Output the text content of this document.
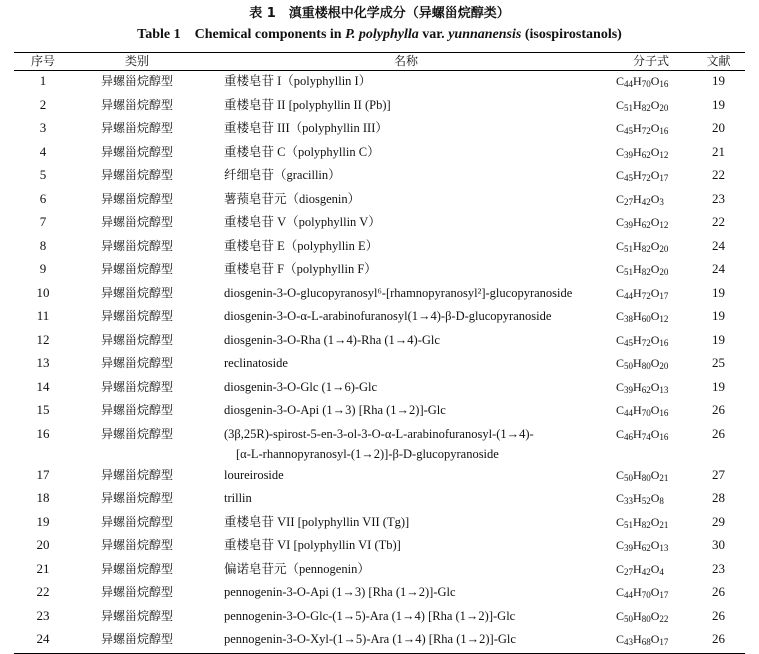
表 1　滇重楼根中化学成分（异螺甾烷醇类）
Table 1　Chemical components in P. polyphylla var. yunnanensis (isospirostanols)
序号	类别	名称	分子式	文献
1	异螺甾烷醇型	重楼皂苷 I（polyphyllin I）	$C_{44}H_{70}O_{16}$	19
2	异螺甾烷醇型	重楼皂苷 II [polyphyllin II (Pb)]	$C_{51}H_{82}O_{20}$	19
3	异螺甾烷醇型	重楼皂苷 III（polyphyllin III）	$C_{45}H_{72}O_{16}$	20
4	异螺甾烷醇型	重楼皂苷 C（polyphyllin C）	$C_{39}H_{62}O_{12}$	21
5	异螺甾烷醇型	纤细皂苷（gracillin）	$C_{45}H_{72}O_{17}$	22
6	异螺甾烷醇型	薯蓣皂苷元（diosgenin）	$C_{27}H_{42}O_3$	23
7	异螺甾烷醇型	重楼皂苷 V（polyphyllin V）	$C_{39}H_{62}O_{12}$	22
8	异螺甾烷醇型	重楼皂苷 E（polyphyllin E）	$C_{51}H_{82}O_{20}$	24
9	异螺甾烷醇型	重楼皂苷 F（polyphyllin F）	$C_{51}H_{82}O_{20}$	24
10	异螺甾烷醇型	diosgenin-3-O-glucopyranosyl⁶-[rhamnopyranosyl²]-glucopyranoside	$C_{44}H_{72}O_{17}$	19
11	异螺甾烷醇型	diosgenin-3-O-α-L-arabinofuranosyl(1→4)-β-D-glucopyranoside	$C_{38}H_{60}O_{12}$	19
12	异螺甾烷醇型	diosgenin-3-O-Rha (1→4)-Rha (1→4)-Glc	$C_{45}H_{72}O_{16}$	19
13	异螺甾烷醇型	reclinatoside	$C_{50}H_{80}O_{20}$	25
14	异螺甾烷醇型	diosgenin-3-O-Glc (1→6)-Glc	$C_{39}H_{62}O_{13}$	19
15	异螺甾烷醇型	diosgenin-3-O-Api (1→3) [Rha (1→2)]-Glc	$C_{44}H_{70}O_{16}$	26
16	异螺甾烷醇型	(3β,25R)-spirost-5-en-3-ol-3-O-α-L-arabinofuranosyl-(1→4)-
[α-L-rhannopyranosyl-(1→2)]-β-D-glucopyranoside	$C_{46}H_{74}O_{16}$	26
17	异螺甾烷醇型	loureiroside	$C_{50}H_{80}O_{21}$	27
18	异螺甾烷醇型	trillin	$C_{33}H_{52}O_8$	28
19	异螺甾烷醇型	重楼皂苷 VII [polyphyllin VII (Tg)]	$C_{51}H_{82}O_{21}$	29
20	异螺甾烷醇型	重楼皂苷 VI [polyphyllin VI (Tb)]	$C_{39}H_{62}O_{13}$	30
21	异螺甾烷醇型	偏诺皂苷元（pennogenin）	$C_{27}H_{42}O_4$	23
22	异螺甾烷醇型	pennogenin-3-O-Api (1→3) [Rha (1→2)]-Glc	$C_{44}H_{70}O_{17}$	26
23	异螺甾烷醇型	pennogenin-3-O-Glc-(1→5)-Ara (1→4) [Rha (1→2)]-Glc	$C_{50}H_{80}O_{22}$	26
24	异螺甾烷醇型	pennogenin-3-O-Xyl-(1→5)-Ara (1→4) [Rha (1→2)]-Glc	$C_{43}H_{68}O_{17}$	26
